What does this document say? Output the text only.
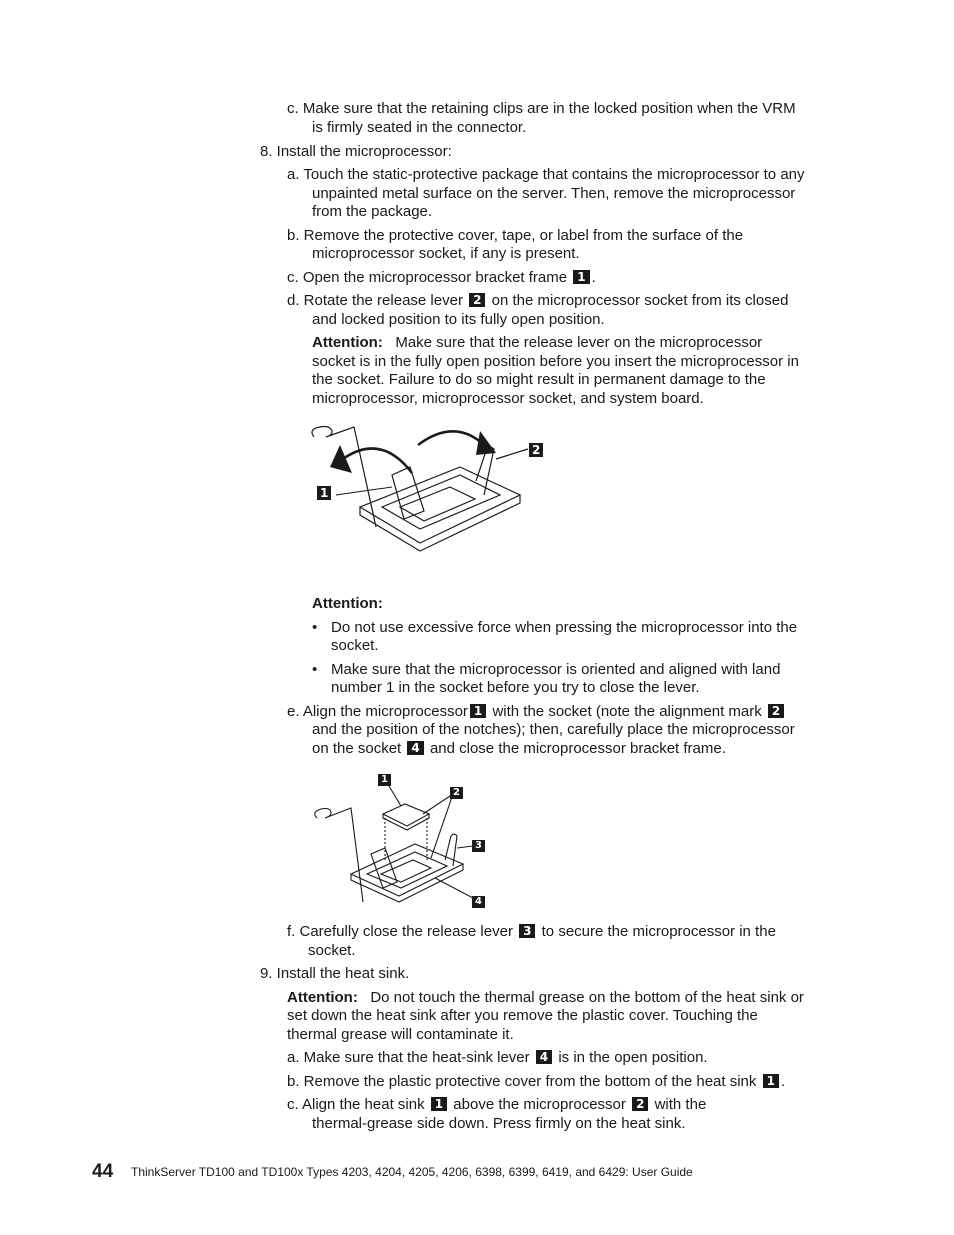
c. Make sure that the retaining clips are in the locked position when the VRM
is firmly seated in the connector.
8. Install the microprocessor:
a. Touch the static-protective package that contains the microprocessor to any
unpainted metal surface on the server. Then, remove the microprocessor
from the package.
b. Remove the protective cover, tape, or label from the surface of the
microprocessor socket, if any is present.
c. Open the microprocessor bracket frame 1 .
d. Rotate the release lever 2 on the microprocessor socket from its closed
and locked position to its fully open position.
Attention: Make sure that the release lever on the microprocessor
socket is in the fully open position before you insert the microprocessor in
the socket. Failure to do so might result in permanent damage to the
microprocessor, microprocessor socket, and system board.
1
2
Attention:
• Do not use excessive force when pressing the microprocessor into the
socket.
• Make sure that the microprocessor is oriented and aligned with land
number 1 in the socket before you try to close the lever.
e. Align the microprocessor 1 with the socket (note the alignment mark 2
and the position of the notches); then, carefully place the microprocessor
on the socket 4 and close the microprocessor bracket frame.
1
2
3
4
f. Carefully close the release lever 3 to secure the microprocessor in the
socket.
9. Install the heat sink.
Attention: Do not touch the thermal grease on the bottom of the heat sink or
set down the heat sink after you remove the plastic cover. Touching the
thermal grease will contaminate it.
a. Make sure that the heat-sink lever 4 is in the open position.
b. Remove the plastic protective cover from the bottom of the heat sink 1 .
c. Align the heat sink 1 above the microprocessor 2 with the
thermal-grease side down. Press firmly on the heat sink.
44 ThinkServer TD100 and TD100x Types 4203, 4204, 4205, 4206, 6398, 6399, 6419, and 6429: User Guide
